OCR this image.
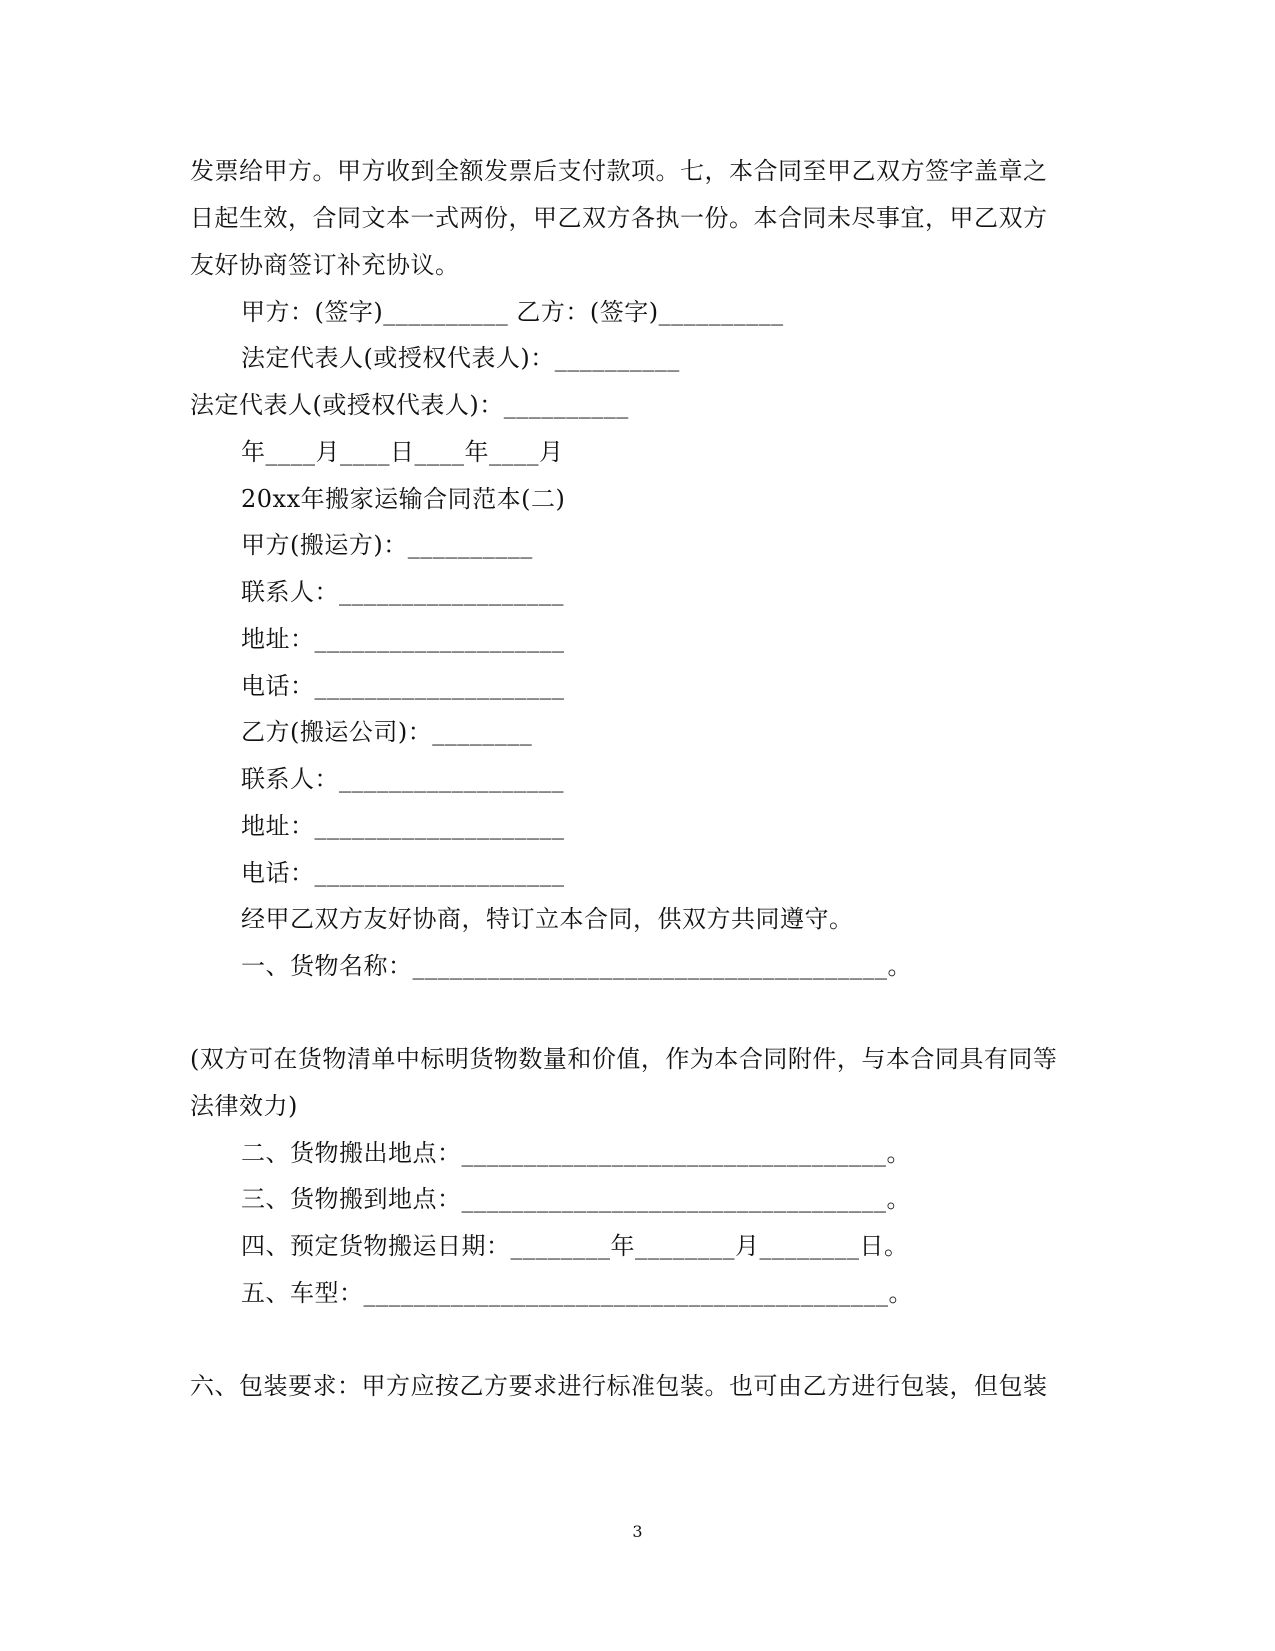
发票给甲方。甲方收到全额发票后支付款项。七，本合同至甲乙双方签字盖章之
日起生效，合同文本一式两份，甲乙双方各执一份。本合同未尽事宜，甲乙双方
友好协商签订补充协议。
甲方：(签字)__________ 乙方：(签字)__________
法定代表人(或授权代表人)：__________
法定代表人(或授权代表人)：__________
年____月____日____年____月
20xx年搬家运输合同范本(二)
甲方(搬运方)：__________
联系人：__________________
地址：____________________
电话：____________________
乙方(搬运公司)：________
联系人：__________________
地址：____________________
电话：____________________
经甲乙双方友好协商，特订立本合同，供双方共同遵守。
一、货物名称：______________________________________。
(双方可在货物清单中标明货物数量和价值，作为本合同附件，与本合同具有同等
法律效力)
二、货物搬出地点：__________________________________。
三、货物搬到地点：__________________________________。
四、预定货物搬运日期：________年________月________日。
五、车型：__________________________________________。
六、包装要求：甲方应按乙方要求进行标准包装。也可由乙方进行包装，但包装
3
